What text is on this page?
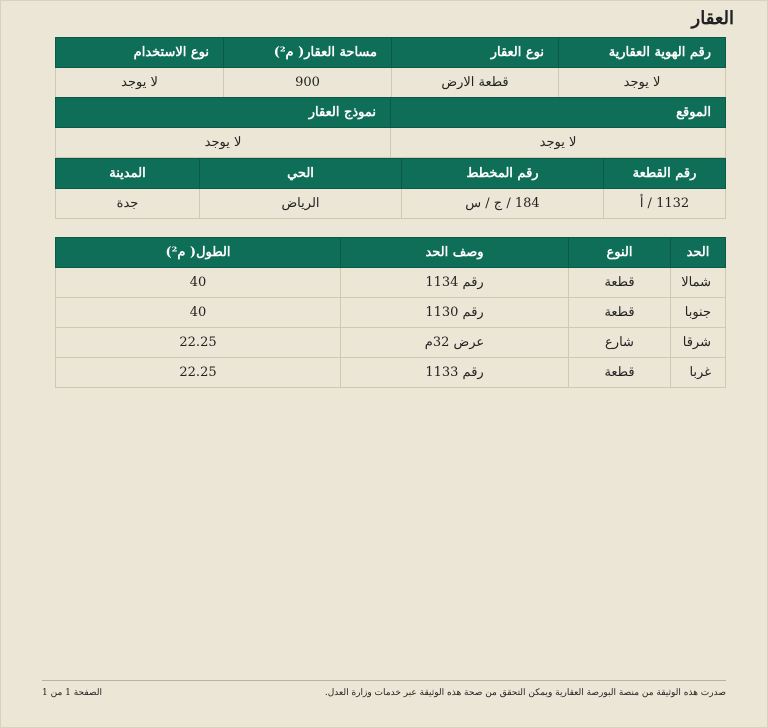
العقار
رقم الهوية العقارية	نوع العقار	مساحة العقار( م²)	نوع الاستخدام
لا يوجد	قطعة الارض	900	لا يوجد
الموقع	نموذج العقار
لا يوجد	لا يوجد
رقم القطعة	رقم المخطط	الحي	المدينة
1132 / أ	184 / ج / س	الرياض	جدة
الحد	النوع	وصف الحد	الطول( م²)
شمالا	قطعة	رقم 1134	40
جنوبا	قطعة	رقم 1130	40
شرقا	شارع	عرض 32م	22.25
غربا	قطعة	رقم 1133	22.25
صدرت هذه الوثيقة من منصة البورصة العقارية ويمكن التحقق من صحة هذه الوثيقة عبر خدمات وزارة العدل.
الصفحة 1 من 1
